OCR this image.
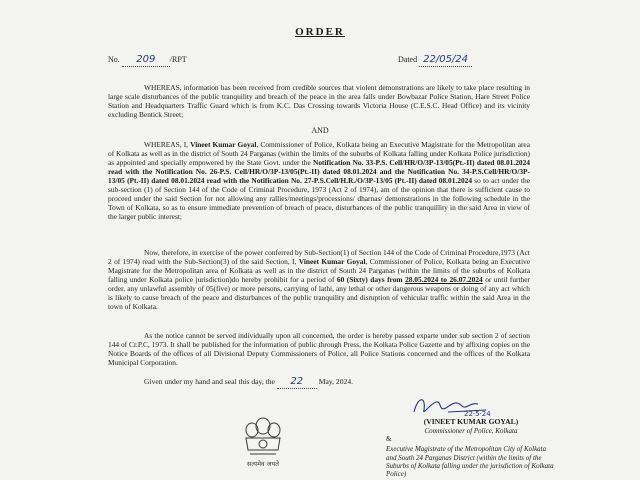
ORDER
No. 209 /RPT	Dated 22/05/24
WHEREAS, information has been received from credible sources that violent demonstrations are likely to take place resulting in large scale disturbances of the public tranquility and breach of the peace in the area falls under Bowbazar Police Station, Hare Street Police Station and Headquarters Traffic Guard which is from K.C. Das Crossing towards Victoria House (C.E.S.C. Head Office) and its vicinity excluding Bentick Street;
AND
WHEREAS, I, Vineet Kumar Goyal, Commissioner of Police, Kolkata being an Executive Magistrate for the Metropolitan area of Kolkata as well as in the district of South 24 Parganas (within the limits of the suburbs of Kolkata falling under Kolkata Police jurisdiction) as appointed and specially empowered by the State Govt. under the Notification No. 33-P.S. Cell/HR/O/3P-13/05(Pt.-II) dated 08.01.2024 read with the Notification No. 26-P.S. Cell/HR/O/3P-13/05(Pt.-II) dated 08.01.2024 and the Notification No. 34-P.S.Cell/HR/O/3P-13/05 (Pt.-II) dated 08.01.2024 read with the Notification No. 27-P.S.Cell/H.R./O/3P-13/05 (Pt.-II) dated 08.01.2024 so to act under the sub-section (1) of Section 144 of the Code of Criminal Procedure, 1973 (Act 2 of 1974), am of the opinion that there is sufficient cause to proceed under the said Section for not allowing any rallies/meetings/processions/ dharnas/ demonstrations in the following schedule in the Town of Kolkata, so as to ensure immediate prevention of breach of peace, disturbances of the public tranquillity in the said Area in view of the larger public interest;
Now, therefore, in exercise of the power conferred by Sub-Section(1) of Section 144 of the Code of Criminal Procedure,1973 (Act 2 of 1974) read with the Sub-Section(3) of the said Section, I, Vineet Kumar Goyal, Commissioner of Police, Kolkata being an Executive Magistrate for the Metropolitan area of Kolkata as well as in the district of South 24 Parganas (within the limits of the suburbs of Kolkata falling under Kolkata police jurisdiction)do hereby prohibit for a period of 60 (Sixty) days from 28.05.2024 to 26.07.2024 or until further order, any unlawful assembly of 05(five) or more persons, carrying of lathi, any lethal or other dangerous weapons or doing of any act which is likely to cause breach of the peace and disturbances of the public tranquility and disruption of vehicular traffic within the said Area in the town of Kolkata.
As the notice cannot be served individually upon all concerned, the order is hereby passed exparte under sub section 2 of section 144 of Cr.P.C, 1973. It shall be published for the information of public through Press, the Kolkata Police Gazette and by affixing copies on the Notice Boards of the offices of all Divisional Deputy Commissioners of Police, all Police Stations concerned and the offices of the Kolkata Municipal Corporation.
Given under my hand and seal this day, the 22 May, 2024.
22·5·24
सत्यमेव जयते
(VINEET KUMAR GOYAL)
Commissioner of Police, Kolkata
&
Executive Magistrate of the Metropolitan City of Kolkata and South 24 Parganas District (within the limits of the Suburbs of Kolkata falling under the jurisdiction of Kolkata Police)
